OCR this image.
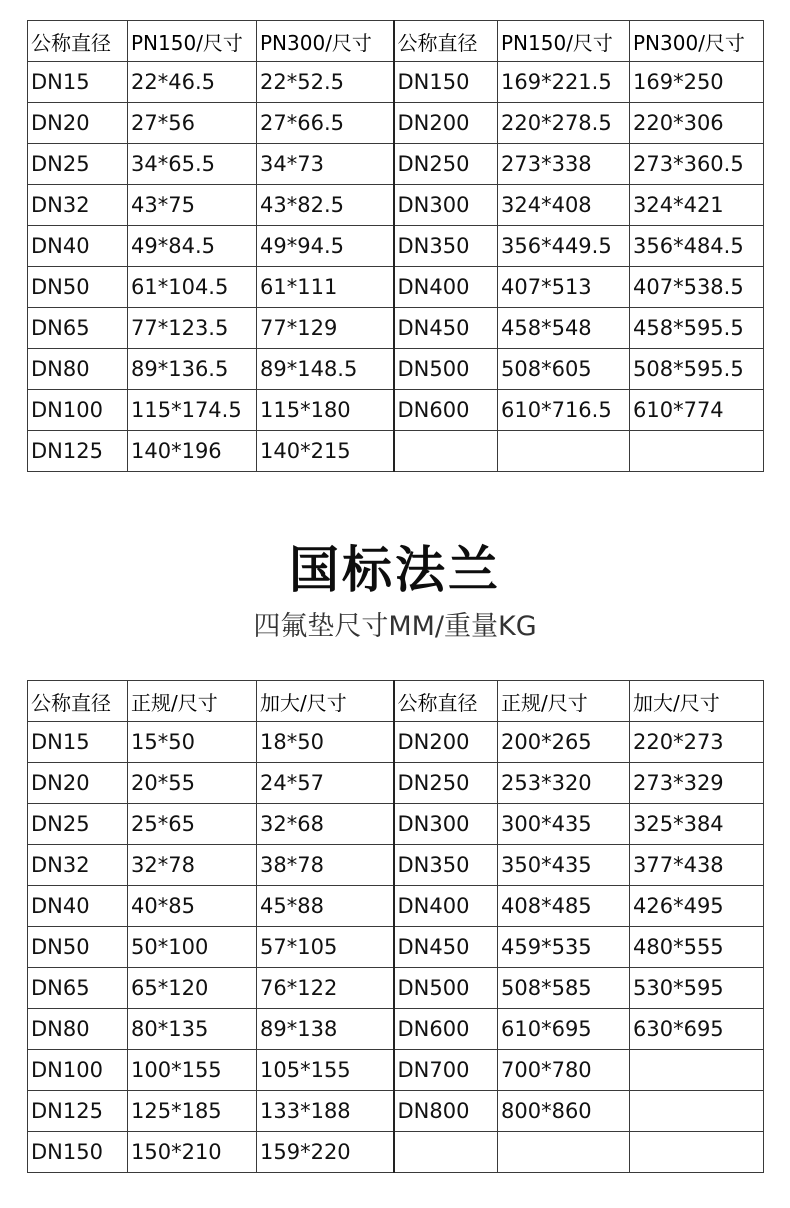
公称直径	PN150/尺寸	PN300/尺寸	公称直径	PN150/尺寸	PN300/尺寸
DN15	22*46.5	22*52.5	DN150	169*221.5	169*250
DN20	27*56	27*66.5	DN200	220*278.5	220*306
DN25	34*65.5	34*73	DN250	273*338	273*360.5
DN32	43*75	43*82.5	DN300	324*408	324*421
DN40	49*84.5	49*94.5	DN350	356*449.5	356*484.5
DN50	61*104.5	61*111	DN400	407*513	407*538.5
DN65	77*123.5	77*129	DN450	458*548	458*595.5
DN80	89*136.5	89*148.5	DN500	508*605	508*595.5
DN100	115*174.5	115*180	DN600	610*716.5	610*774
DN125	140*196	140*215			
国标法兰
四氟垫尺寸MM/重量KG
公称直径	正规/尺寸	加大/尺寸	公称直径	正规/尺寸	加大/尺寸
DN15	15*50	18*50	DN200	200*265	220*273
DN20	20*55	24*57	DN250	253*320	273*329
DN25	25*65	32*68	DN300	300*435	325*384
DN32	32*78	38*78	DN350	350*435	377*438
DN40	40*85	45*88	DN400	408*485	426*495
DN50	50*100	57*105	DN450	459*535	480*555
DN65	65*120	76*122	DN500	508*585	530*595
DN80	80*135	89*138	DN600	610*695	630*695
DN100	100*155	105*155	DN700	700*780	
DN125	125*185	133*188	DN800	800*860	
DN150	150*210	159*220			
